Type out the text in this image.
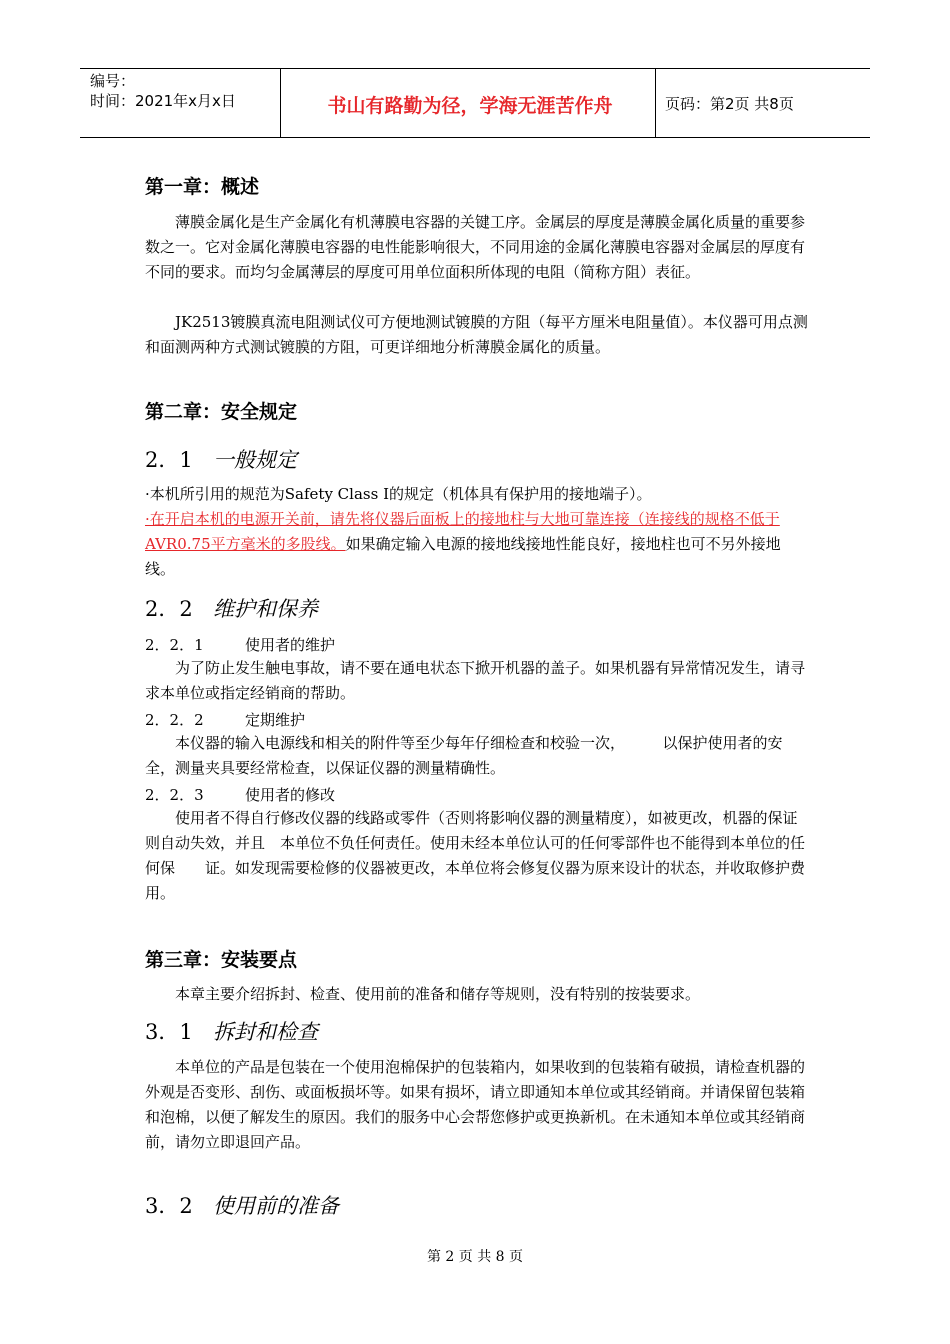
编号：
时间：2021年x月x日	书山有路勤为径，学海无涯苦作舟	页码：第2页 共8页
第一章：概述

薄膜金属化是生产金属化有机薄膜电容器的关键工序。金属层的厚度是薄膜金属化质量的重要参数之一。它对金属化薄膜电容器的电性能影响很大，不同用途的金属化薄膜电容器对金属层的厚度有不同的要求。而均匀金属薄层的厚度可用单位面积所体现的电阻（简称方阻）表征。

JK2513镀膜真流电阻测试仪可方便地测试镀膜的方阻（每平方厘米电阻量值）。本仪器可用点测和面测两种方式测试镀膜的方阻，可更详细地分析薄膜金属化的质量。

第二章：安全规定
2．1 一般规定

·本机所引用的规范为Safety Class I的规定（机体具有保护用的接地端子）。

·在开启本机的电源开关前，请先将仪器后面板上的接地柱与大地可靠连接（连接线的规格不低于AVR0.75平方毫米的多股线。如果确定输入电源的接地线接地性能良好，接地柱也可不另外接地线。

2．2 维护和保养
2．2．1	使用者的维护

为了防止发生触电事故，请不要在通电状态下掀开机器的盖子。如果机器有异常情况发生，请寻求本单位或指定经销商的帮助。

2．2．2	定期维护

本仪器的输入电源线和相关的附件等至少每年仔细检查和校验一次，　　　以保护使用者的安全，测量夹具要经常检查，以保证仪器的测量精确性。

2．2．3	使用者的修改

使用者不得自行修改仪器的线路或零件（否则将影响仪器的测量精度），如被更改，机器的保证则自动失效，并且　本单位不负任何责任。使用未经本单位认可的任何零部件也不能得到本单位的任何保　　证。如发现需要检修的仪器被更改，本单位将会修复仪器为原来设计的状态，并收取修护费用。

第三章：安装要点

本章主要介绍拆封、检查、使用前的准备和储存等规则，没有特别的按装要求。

3．1 拆封和检查

本单位的产品是包装在一个使用泡棉保护的包装箱内，如果收到的包装箱有破损，请检查机器的外观是否变形、刮伤、或面板损坏等。如果有损坏，请立即通知本单位或其经销商。并请保留包装箱和泡棉，以便了解发生的原因。我们的服务中心会帮您修护或更换新机。在未通知本单位或其经销商前，请勿立即退回产品。

3．2 使用前的准备
第 2 页 共 8 页
